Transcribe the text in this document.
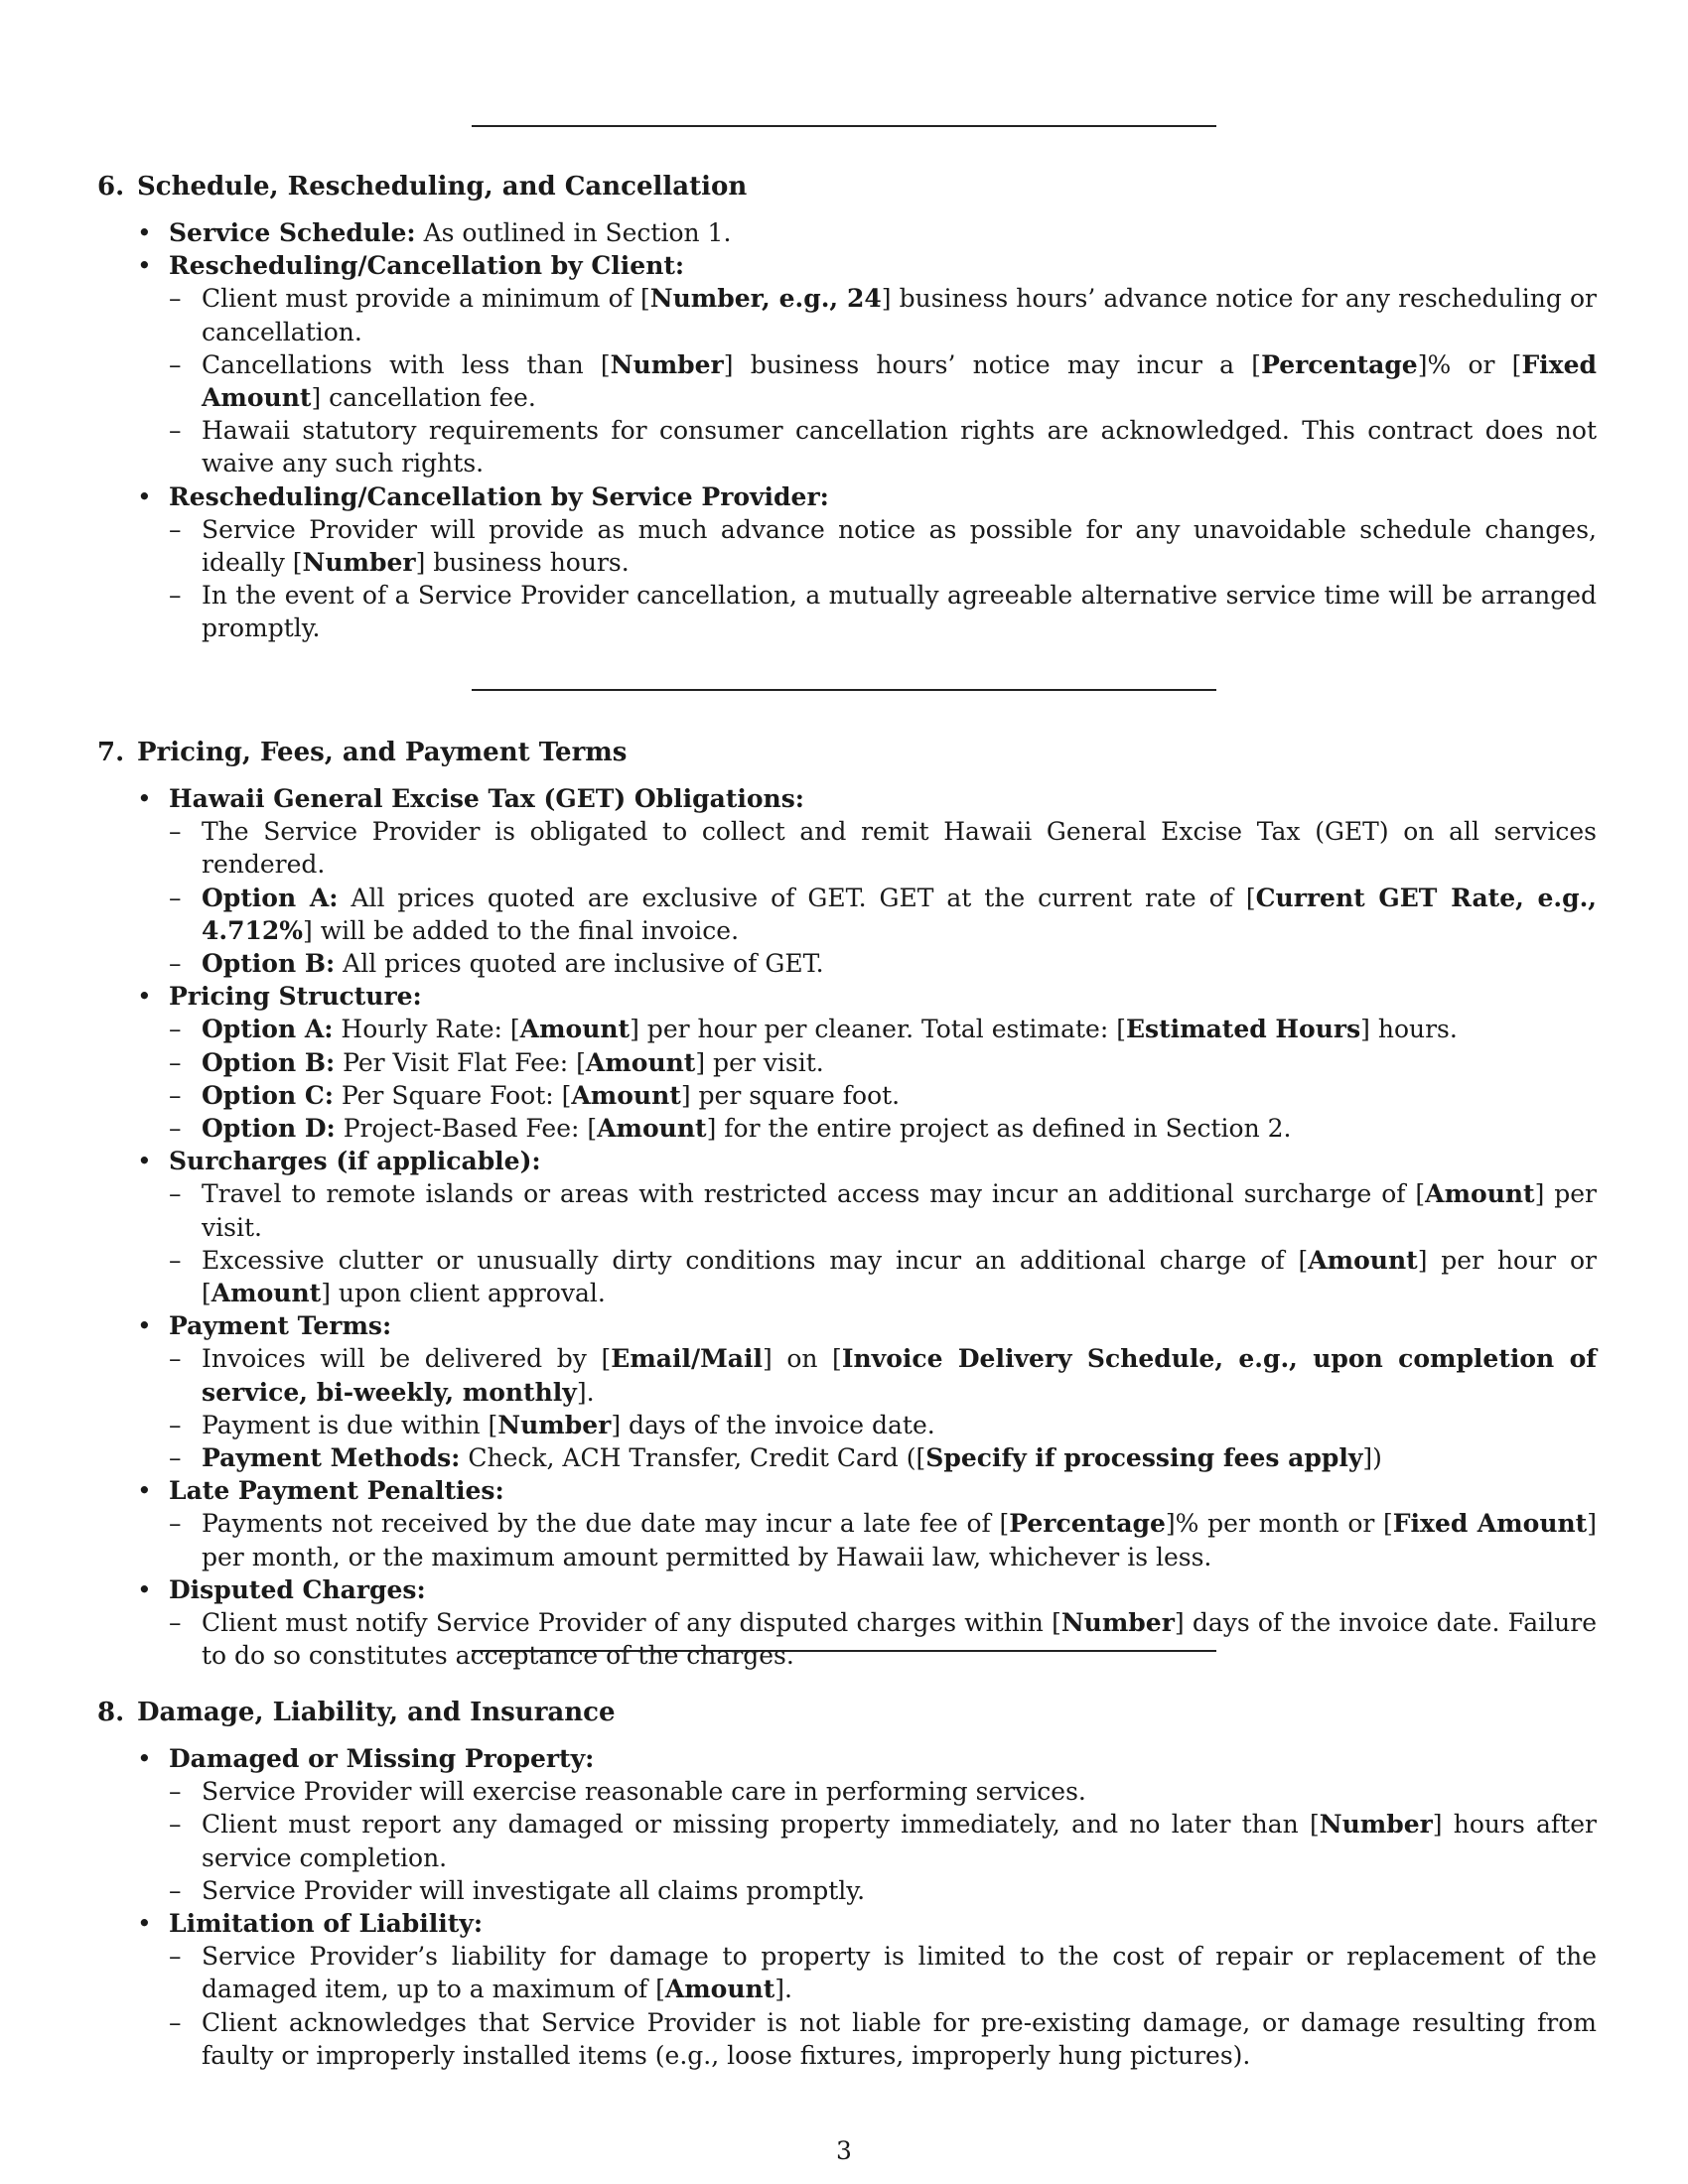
6. Schedule, Rescheduling, and Cancellation
• Service Schedule: As outlined in Section 1.
• Rescheduling/Cancellation by Client:
– Client must provide a minimum of [Number, e.g., 24] business hours’ advance notice for any rescheduling or cancellation.
– Cancellations with less than [Number] business hours’ notice may incur a [Percentage]% or [Fixed Amount] cancellation fee.
– Hawaii statutory requirements for consumer cancellation rights are acknowledged. This contract does not waive any such rights.
• Rescheduling/Cancellation by Service Provider:
– Service Provider will provide as much advance notice as possible for any unavoidable schedule changes, ideally [Number] business hours.
– In the event of a Service Provider cancellation, a mutually agreeable alternative service time will be arranged promptly.
7. Pricing, Fees, and Payment Terms
• Hawaii General Excise Tax (GET) Obligations:
– The Service Provider is obligated to collect and remit Hawaii General Excise Tax (GET) on all services rendered.
– Option A: All prices quoted are exclusive of GET. GET at the current rate of [Current GET Rate, e.g., 4.712%] will be added to the final invoice.
– Option B: All prices quoted are inclusive of GET.
• Pricing Structure:
– Option A: Hourly Rate: [Amount] per hour per cleaner. Total estimate: [Estimated Hours] hours.
– Option B: Per Visit Flat Fee: [Amount] per visit.
– Option C: Per Square Foot: [Amount] per square foot.
– Option D: Project-Based Fee: [Amount] for the entire project as defined in Section 2.
• Surcharges (if applicable):
– Travel to remote islands or areas with restricted access may incur an additional surcharge of [Amount] per visit.
– Excessive clutter or unusually dirty conditions may incur an additional charge of [Amount] per hour or [Amount] upon client approval.
• Payment Terms:
– Invoices will be delivered by [Email/Mail] on [Invoice Delivery Schedule, e.g., upon completion of service, bi-weekly, monthly].
– Payment is due within [Number] days of the invoice date.
– Payment Methods: Check, ACH Transfer, Credit Card ([Specify if processing fees apply])
• Late Payment Penalties:
– Payments not received by the due date may incur a late fee of [Percentage]% per month or [Fixed Amount] per month, or the maximum amount permitted by Hawaii law, whichever is less.
• Disputed Charges:
– Client must notify Service Provider of any disputed charges within [Number] days of the invoice date. Failure to do so constitutes acceptance of the charges.
8. Damage, Liability, and Insurance
• Damaged or Missing Property:
– Service Provider will exercise reasonable care in performing services.
– Client must report any damaged or missing property immediately, and no later than [Number] hours after service completion.
– Service Provider will investigate all claims promptly.
• Limitation of Liability:
– Service Provider’s liability for damage to property is limited to the cost of repair or replacement of the damaged item, up to a maximum of [Amount].
– Client acknowledges that Service Provider is not liable for pre-existing damage, or damage resulting from faulty or improperly installed items (e.g., loose fixtures, improperly hung pictures).
3
